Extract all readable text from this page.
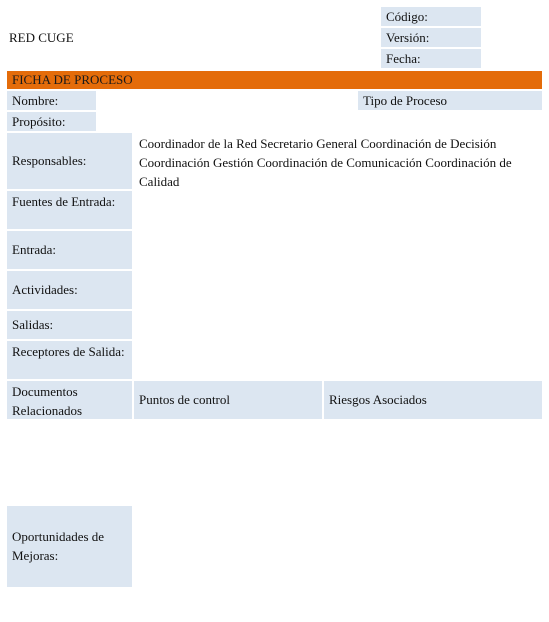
RED CUGE
Código:
Versión:
Fecha:
FICHA DE PROCESO
Nombre:	Tipo de Proceso
Propósito:
Responsables:
Coordinador de la Red Secretario General Coordinación de Decisión Coordinación Gestión Coordinación de Comunicación Coordinación de Calidad
Fuentes de Entrada:
Entrada:
Actividades:
Salidas:
Receptores de Salida:
Documentos Relacionados
Puntos de control	Riesgos Asociados
Oportunidades de Mejoras:
